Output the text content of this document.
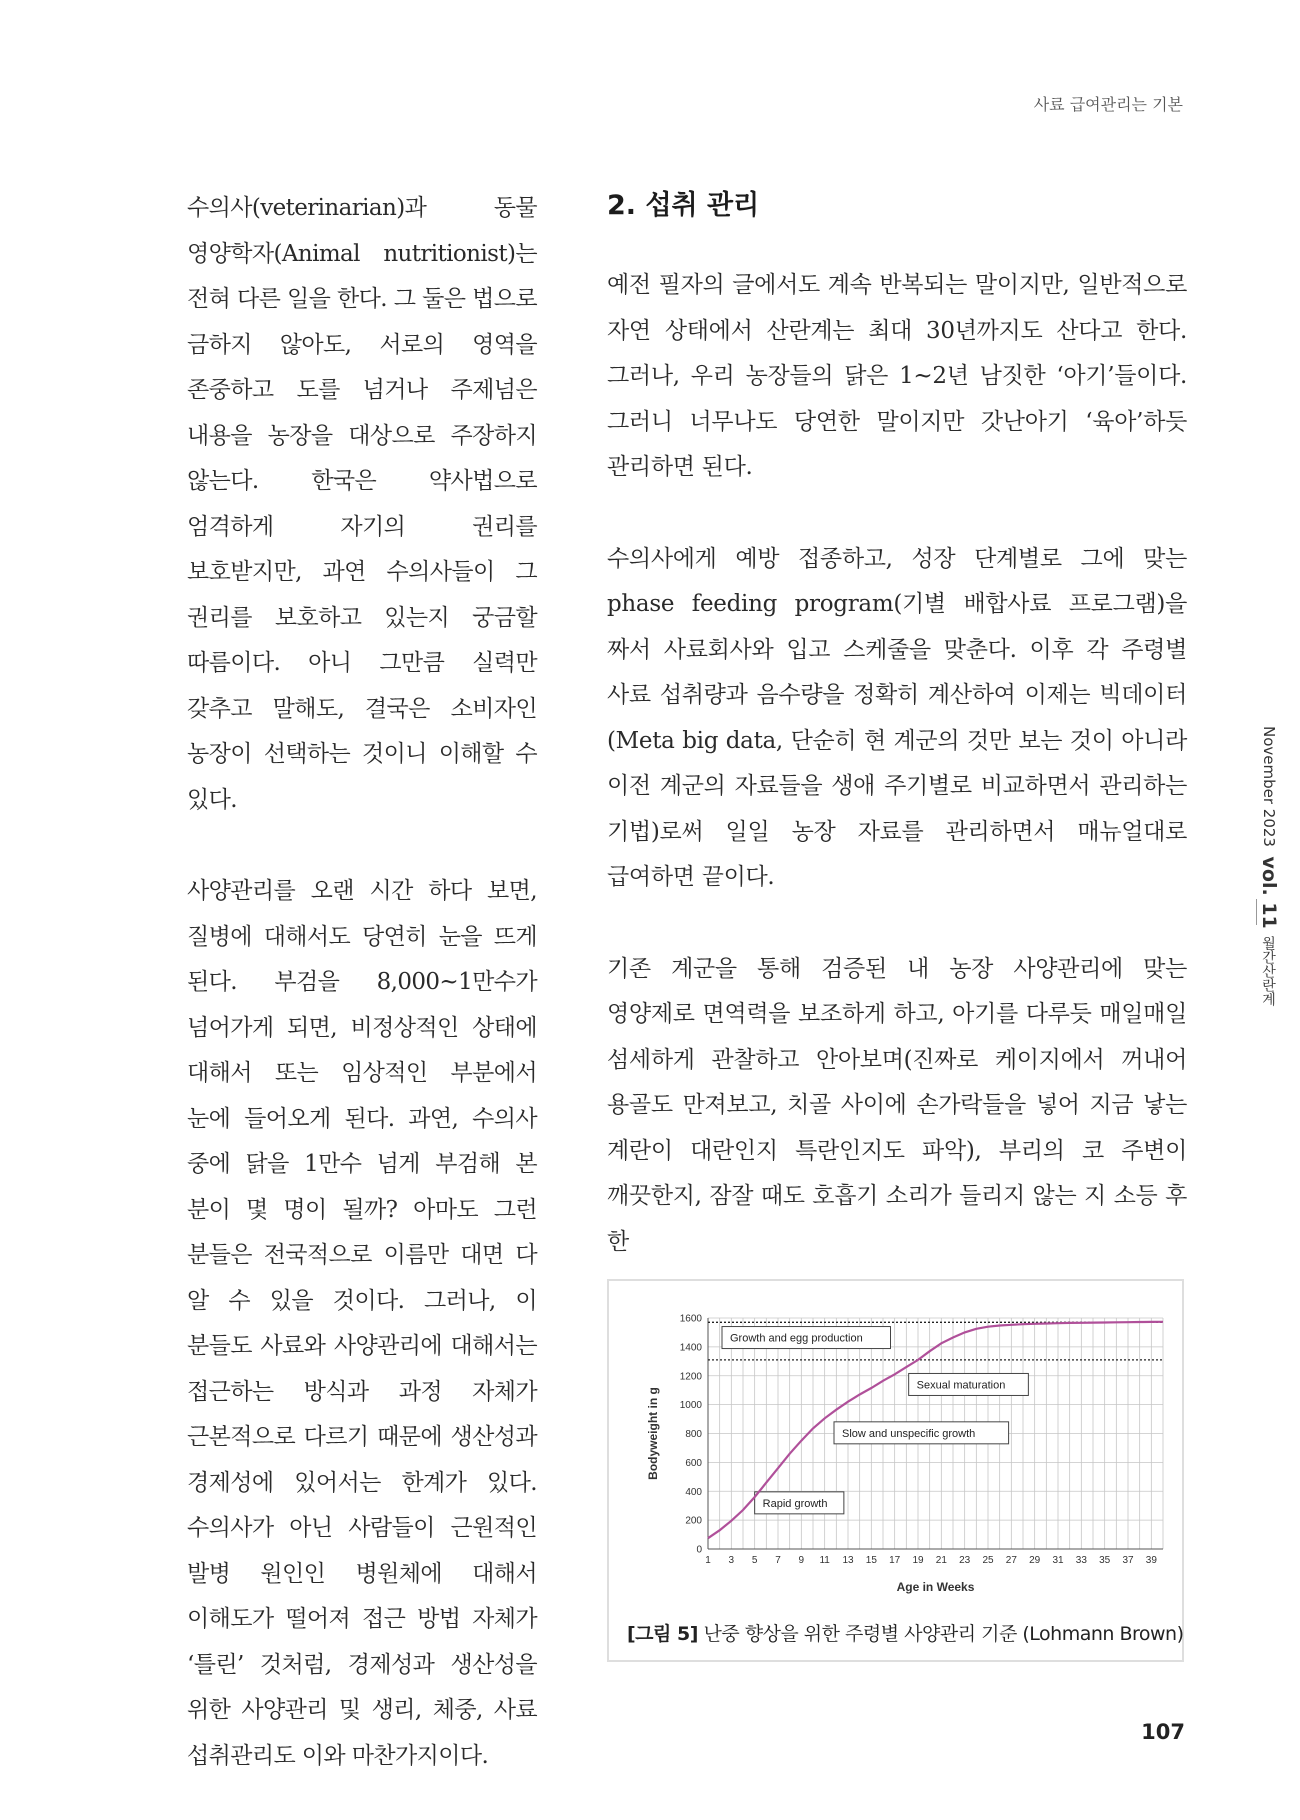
사료 급여관리는 기본

수의사(veterinarian)과 동물 영양학자(Animal nutritionist)는 전혀 다른 일을 한다. 그 둘은 법으로 금하지 않아도, 서로의 영역을 존중하고 도를 넘거나 주제넘은 내용을 농장을 대상으로 주장하지 않는다. 한국은 약사법으로 엄격하게 자기의 권리를 보호받지만, 과연 수의사들이 그 권리를 보호하고 있는지 궁금할 따름이다. 아니 그만큼 실력만 갖추고 말해도, 결국은 소비자인 농장이 선택하는 것이니 이해할 수 있다.

사양관리를 오랜 시간 하다 보면, 질병에 대해서도 당연히 눈을 뜨게 된다. 부검을 8,000~1만수가 넘어가게 되면, 비정상적인 상태에 대해서 또는 임상적인 부분에서 눈에 들어오게 된다. 과연, 수의사 중에 닭을 1만수 넘게 부검해 본 분이 몇 명이 될까? 아마도 그런 분들은 전국적으로 이름만 대면 다 알 수 있을 것이다. 그러나, 이 분들도 사료와 사양관리에 대해서는 접근하는 방식과 과정 자체가 근본적으로 다르기 때문에 생산성과 경제성에 있어서는 한계가 있다. 수의사가 아닌 사람들이 근원적인 발병 원인인 병원체에 대해서 이해도가 떨어져 접근 방법 자체가 ‘틀린’ 것처럼, 경제성과 생산성을 위한 사양관리 및 생리, 체중, 사료 섭취관리도 이와 마찬가지이다.

2. 섭취 관리

예전 필자의 글에서도 계속 반복되는 말이지만, 일반적으로 자연 상태에서 산란계는 최대 30년까지도 산다고 한다. 그러나, 우리 농장들의 닭은 1~2년 남짓한 ‘아기’들이다. 그러니 너무나도 당연한 말이지만 갓난아기 ‘육아’하듯 관리하면 된다.

수의사에게 예방 접종하고, 성장 단계별로 그에 맞는 phase feeding program(기별 배합사료 프로그램)을 짜서 사료회사와 입고 스케줄을 맞춘다. 이후 각 주령별 사료 섭취량과 음수량을 정확히 계산하여 이제는 빅데이터(Meta big data, 단순히 현 계군의 것만 보는 것이 아니라 이전 계군의 자료들을 생애 주기별로 비교하면서 관리하는 기법)로써 일일 농장 자료를 관리하면서 매뉴얼대로 급여하면 끝이다.

기존 계군을 통해 검증된 내 농장 사양관리에 맞는 영양제로 면역력을 보조하게 하고, 아기를 다루듯 매일매일 섬세하게 관찰하고 안아보며(진짜로 케이지에서 꺼내어 용골도 만져보고, 치골 사이에 손가락들을 넣어 지금 낳는 계란이 대란인지 특란인지도 파악), 부리의 코 주변이 깨끗한지, 잠잘 때도 호흡기 소리가 들리지 않는 지 소등 후 한

0
200
400
600
800
1000
1200
1400
1600
1 3 5 7 9 11 13 15 17 19 21 23 25 27 29 31 33 35 37 39
Age in Weeks
Bodyweight in g
Growth and egg production
Sexual maturation
Slow and unspecific growth
Rapid growth
[그림 5] 난중 향상을 위한 주령별 사양관리 기준 (Lohmann Brown)
November 2023  vol. 11
월간산란계
107
